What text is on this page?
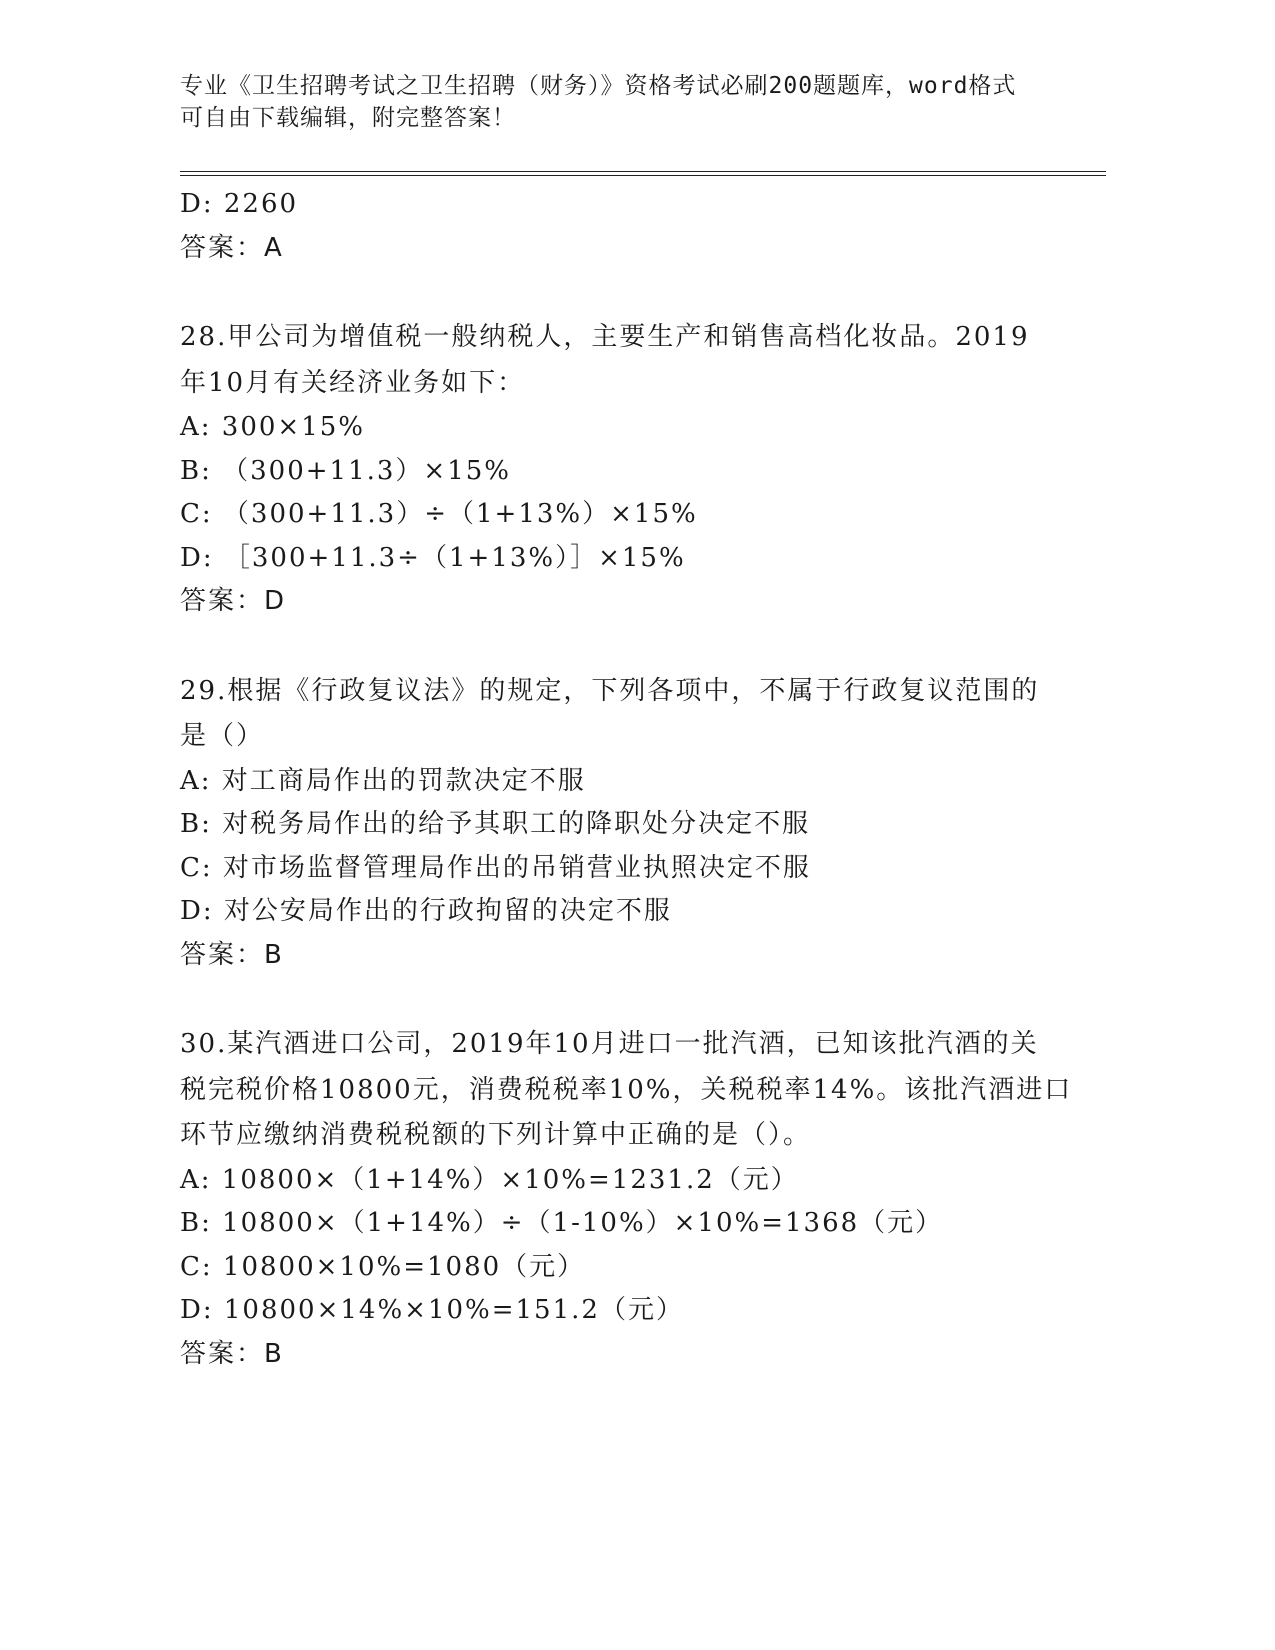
专业《卫生招聘考试之卫生招聘（财务）》资格考试必刷200题题库，word格式
可自由下载编辑，附完整答案！
D: 2260
答案：A
28.甲公司为增值税一般纳税人，主要生产和销售高档化妆品。2019
年10月有关经济业务如下：
A: 300×15%
B: （300+11.3）×15%
C: （300+11.3）÷（1+13%）×15%
D: ［300+11.3÷（1+13%）］×15%
答案：D
29.根据《行政复议法》的规定，下列各项中，不属于行政复议范围的
是（）
A: 对工商局作出的罚款决定不服
B: 对税务局作出的给予其职工的降职处分决定不服
C: 对市场监督管理局作出的吊销营业执照决定不服
D: 对公安局作出的行政拘留的决定不服
答案：B
30.某汽酒进口公司，2019年10月进口一批汽酒，已知该批汽酒的关
税完税价格10800元，消费税税率10%，关税税率14%。该批汽酒进口
环节应缴纳消费税税额的下列计算中正确的是（）。
A: 10800×（1+14%）×10%=1231.2（元）
B: 10800×（1+14%）÷（1-10%）×10%=1368（元）
C: 10800×10%=1080（元）
D: 10800×14%×10%=151.2（元）
答案：B
